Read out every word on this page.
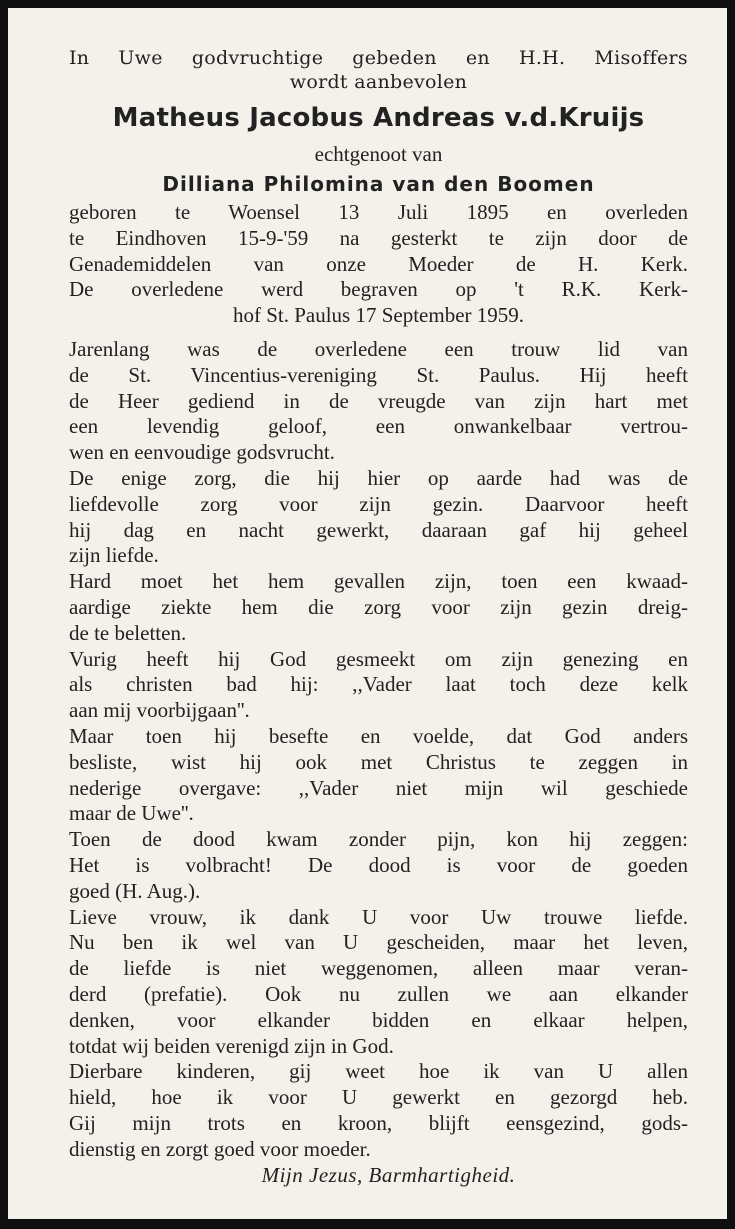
In Uwe godvruchtige gebeden en H.H. Misoffers
wordt aanbevolen
Matheus Jacobus Andreas v.d.Kruijs
echtgenoot van
Dilliana Philomina van den Boomen
geboren te Woensel 13 Juli 1895 en overleden
te Eindhoven 15-9-'59 na gesterkt te zijn door de
Genademiddelen van onze Moeder de H. Kerk.
De overledene werd begraven op 't R.K. Kerk-
hof St. Paulus 17 September 1959.
Jarenlang was de overledene een trouw lid van
de St. Vincentius-vereniging St. Paulus. Hij heeft
de Heer gediend in de vreugde van zijn hart met
een levendig geloof, een onwankelbaar vertrou-
wen en eenvoudige godsvrucht.
De enige zorg, die hij hier op aarde had was de
liefdevolle zorg voor zijn gezin. Daarvoor heeft
hij dag en nacht gewerkt, daaraan gaf hij geheel
zijn liefde.
Hard moet het hem gevallen zijn, toen een kwaad-
aardige ziekte hem die zorg voor zijn gezin dreig-
de te beletten.
Vurig heeft hij God gesmeekt om zijn genezing en
als christen bad hij: ,,Vader laat toch deze kelk
aan mij voorbijgaan''.
Maar toen hij besefte en voelde, dat God anders
besliste, wist hij ook met Christus te zeggen in
nederige overgave: ,,Vader niet mijn wil geschiede
maar de Uwe''.
Toen de dood kwam zonder pijn, kon hij zeggen:
Het is volbracht! De dood is voor de goeden
goed (H. Aug.).
Lieve vrouw, ik dank U voor Uw trouwe liefde.
Nu ben ik wel van U gescheiden, maar het leven,
de liefde is niet weggenomen, alleen maar veran-
derd (prefatie). Ook nu zullen we aan elkander
denken, voor elkander bidden en elkaar helpen,
totdat wij beiden verenigd zijn in God.
Dierbare kinderen, gij weet hoe ik van U allen
hield, hoe ik voor U gewerkt en gezorgd heb.
Gij mijn trots en kroon, blijft eensgezind, gods-
dienstig en zorgt goed voor moeder.
Mijn Jezus, Barmhartigheid.
